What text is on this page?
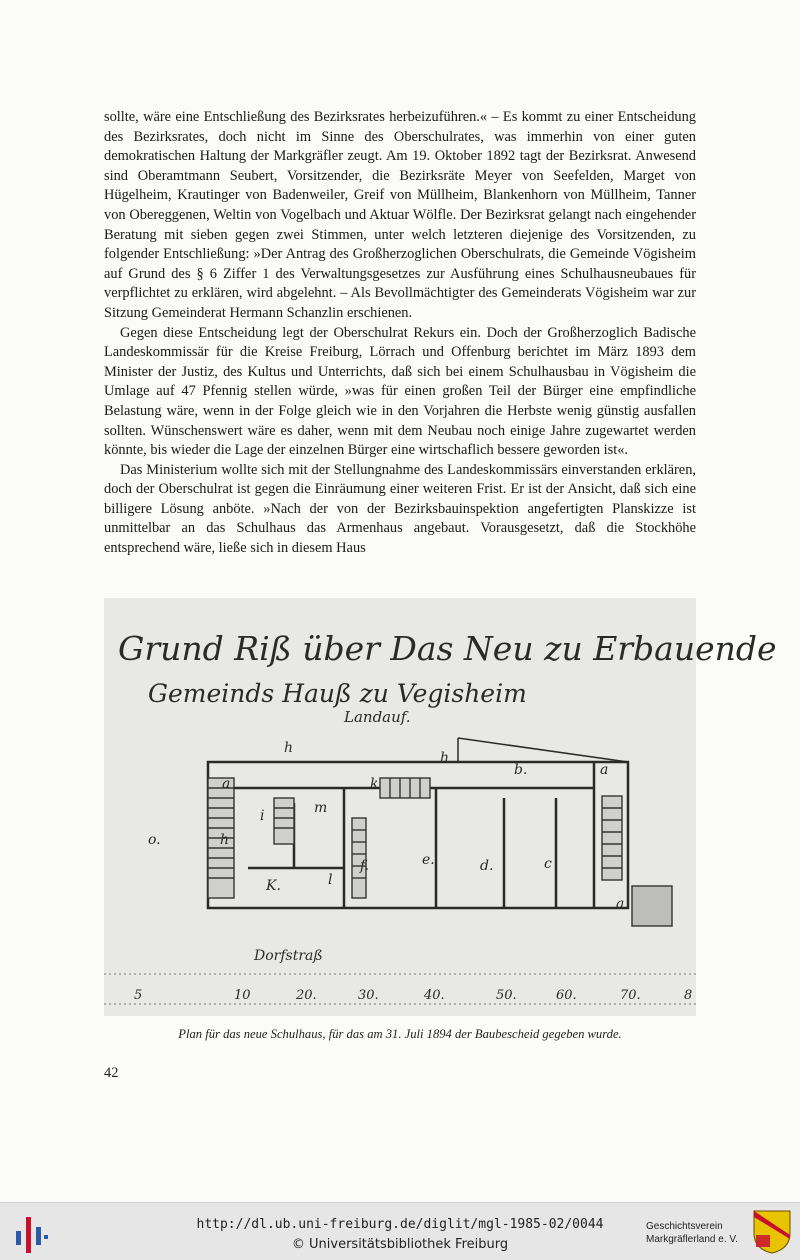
sollte, wäre eine Entschließung des Bezirksrates herbeizuführen.« – Es kommt zu einer Entscheidung des Bezirksrates, doch nicht im Sinne des Oberschulrates, was immerhin von einer guten demokratischen Haltung der Markgräfler zeugt. Am 19. Oktober 1892 tagt der Bezirksrat. Anwesend sind Oberamtmann Seubert, Vorsitzender, die Bezirksräte Meyer von Seefelden, Marget von Hügelheim, Krautinger von Badenweiler, Greif von Müllheim, Blankenhorn von Müllheim, Tanner von Obereggenen, Weltin von Vogelbach und Aktuar Wölfle. Der Bezirksrat gelangt nach eingehender Beratung mit sieben gegen zwei Stimmen, unter welch letzteren diejenige des Vorsitzenden, zu folgender Entschließung: »Der Antrag des Großherzoglichen Oberschulrats, die Gemeinde Vögisheim auf Grund des § 6 Ziffer 1 des Verwaltungsgesetzes zur Ausführung eines Schulhausneubaues für verpflichtet zu erklären, wird abgelehnt. – Als Bevollmächtigter des Gemeinderats Vögisheim war zur Sitzung Gemeinderat Hermann Schanzlin erschienen.

Gegen diese Entscheidung legt der Oberschulrat Rekurs ein. Doch der Großherzoglich Badische Landeskommissär für die Kreise Freiburg, Lörrach und Offenburg berichtet im März 1893 dem Minister der Justiz, des Kultus und Unterrichts, daß sich bei einem Schulhausbau in Vögisheim die Umlage auf 47 Pfennig stellen würde, »was für einen großen Teil der Bürger eine empfindliche Belastung wäre, wenn in der Folge gleich wie in den Vorjahren die Herbste wenig günstig ausfallen sollten. Wünschenswert wäre es daher, wenn mit dem Neubau noch einige Jahre zugewartet werden könnte, bis wieder die Lage der einzelnen Bürger eine wirtschaflich bessere geworden ist«.

Das Ministerium wollte sich mit der Stellungnahme des Landeskommissärs einverstanden erklären, doch der Oberschulrat ist gegen die Einräumung einer weiteren Frist. Er ist der Ansicht, daß sich eine billigere Lösung anböte. »Nach der von der Bezirksbauinspektion angefertigten Planskizze ist unmittelbar an das Schulhaus das Armenhaus angebaut. Vorausgesetzt, daß die Stockhöhe entsprechend wäre, ließe sich in diesem Haus

Grund Riß über Das Neu zu Erbauende
Gemeinds Hauß zu Vegisheim
Landauf.
h
h
b.	a
a
a
m
i
k
K.	l
f.	e.	d.	c
o.	h
Dorfstraß
5	10	20.	30.	40.	50.	60.	70.	8
Plan für das neue Schulhaus, für das am 31. Juli 1894 der Baubescheid gegeben wurde.
42
http://dl.ub.uni-freiburg.de/diglit/mgl-1985-02/0044
© Universitätsbibliothek Freiburg
Geschichtsverein
Markgräflerland e. V.
